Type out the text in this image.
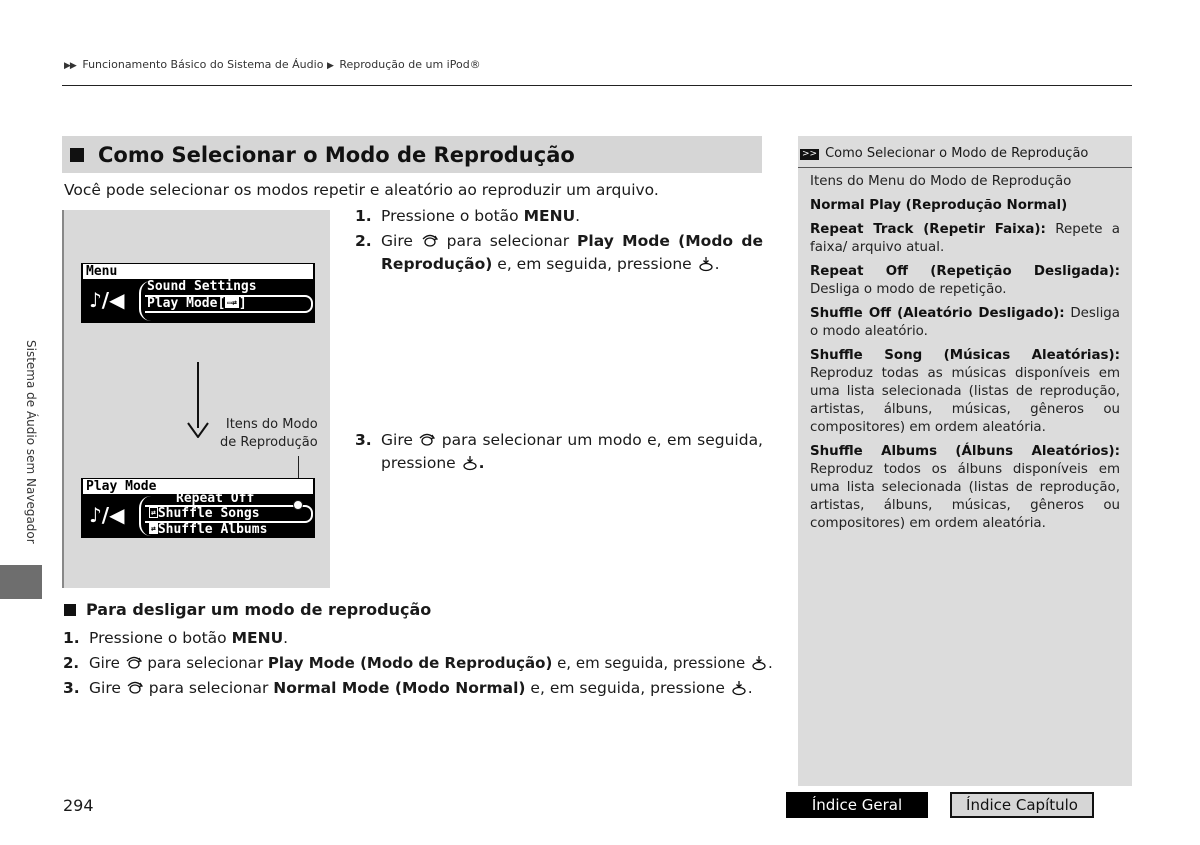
▶▶ Funcionamento Básico do Sistema de Áudio ▶ Reprodução de um iPod®
Sistema de Áudio sem Navegador
Como Selecionar o Modo de Reprodução
Você pode selecionar os modos repetir e aleatório ao reproduzir um arquivo.
Menu
♪/◀
Sound Settings
Play Mode[ ▭⇄ ]
Itens do Modo
de Reprodução
Play Mode
♪/◀
Repeat Off
⇄ Shuffle Songs
⇄ Shuffle Albums
1. Pressione o botão MENU.
2. Gire  para selecionar Play Mode (Modo de Reprodução) e, em seguida, pressione .
3. Gire  para selecionar um modo e, em seguida, pressione .
Para desligar um modo de reprodução
1. Pressione o botão MENU.
2. Gire  para selecionar Play Mode (Modo de Reprodução) e, em seguida, pressione .
3. Gire  para selecionar Normal Mode (Modo Normal) e, em seguida, pressione .
>> Como Selecionar o Modo de Reprodução

Itens do Menu do Modo de Reprodução

Normal Play (Reprodução Normal)

Repeat Track (Repetir Faixa): Repete a faixa/ arquivo atual.

Repeat Off (Repetição Desligada): Desliga o modo de repetição.

Shuffle Off (Aleatório Desligado): Desliga o modo aleatório.

Shuffle Song (Músicas Aleatórias): Reproduz todas as músicas disponíveis em uma lista selecionada (listas de reprodução, artistas, álbuns, músicas, gêneros ou compositores) em ordem aleatória.

Shuffle Albums (Álbuns Aleatórios): Reproduz todos os álbuns disponíveis em uma lista selecionada (listas de reprodução, artistas, álbuns, músicas, gêneros ou compositores) em ordem aleatória.

294	Índice Geral	Índice Capítulo
